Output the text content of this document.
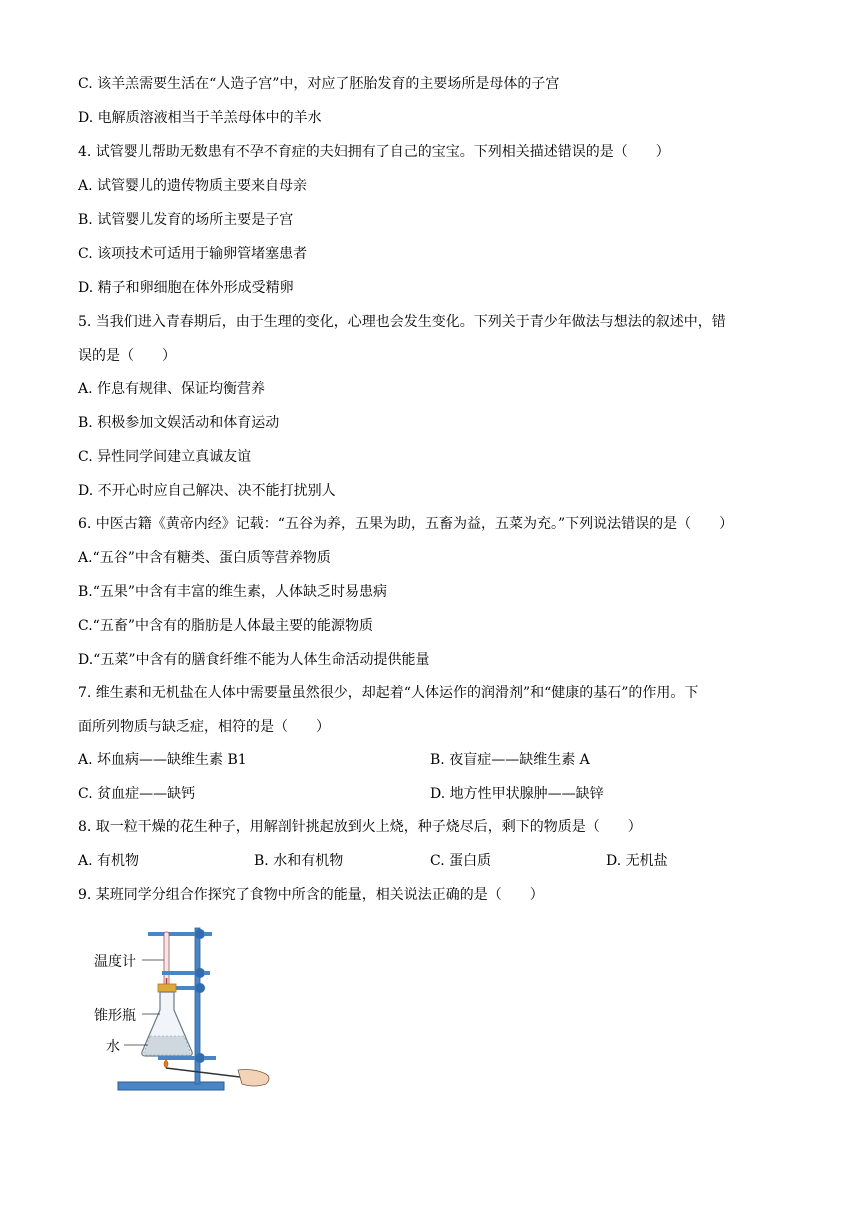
C. 该羊羔需要生活在“人造子宫”中，对应了胚胎发育的主要场所是母体的子宫
D. 电解质溶液相当于羊羔母体中的羊水
4. 试管婴儿帮助无数患有不孕不育症的夫妇拥有了自己的宝宝。下列相关描述错误的是（　　）
A. 试管婴儿的遗传物质主要来自母亲
B. 试管婴儿发育的场所主要是子宫
C. 该项技术可适用于输卵管堵塞患者
D. 精子和卵细胞在体外形成受精卵
5. 当我们进入青春期后，由于生理的变化，心理也会发生变化。下列关于青少年做法与想法的叙述中，错
误的是（　　）
A. 作息有规律、保证均衡营养
B. 积极参加文娱活动和体育运动
C. 异性同学间建立真诚友谊
D. 不开心时应自己解决、决不能打扰别人
6. 中医古籍《黄帝内经》记载：“五谷为养，五果为助，五畜为益，五菜为充。”下列说法错误的是（　　）
A.“五谷”中含有糖类、蛋白质等营养物质
B.“五果”中含有丰富的维生素，人体缺乏时易患病
C.“五畜”中含有的脂肪是人体最主要的能源物质
D.“五菜”中含有的膳食纤维不能为人体生命活动提供能量
7. 维生素和无机盐在人体中需要量虽然很少，却起着“人体运作的润滑剂”和“健康的基石”的作用。下
面所列物质与缺乏症，相符的是（　　）
A. 坏血病——缺维生素 B1	B. 夜盲症——缺维生素 A
C. 贫血症——缺钙	D. 地方性甲状腺肿——缺锌
8. 取一粒干燥的花生种子，用解剖针挑起放到火上烧，种子烧尽后，剩下的物质是（　　）
A. 有机物	B. 水和有机物	C. 蛋白质	D. 无机盐
9. 某班同学分组合作探究了食物中所含的能量，相关说法正确的是（　　）
温度计
锥形瓶
水
